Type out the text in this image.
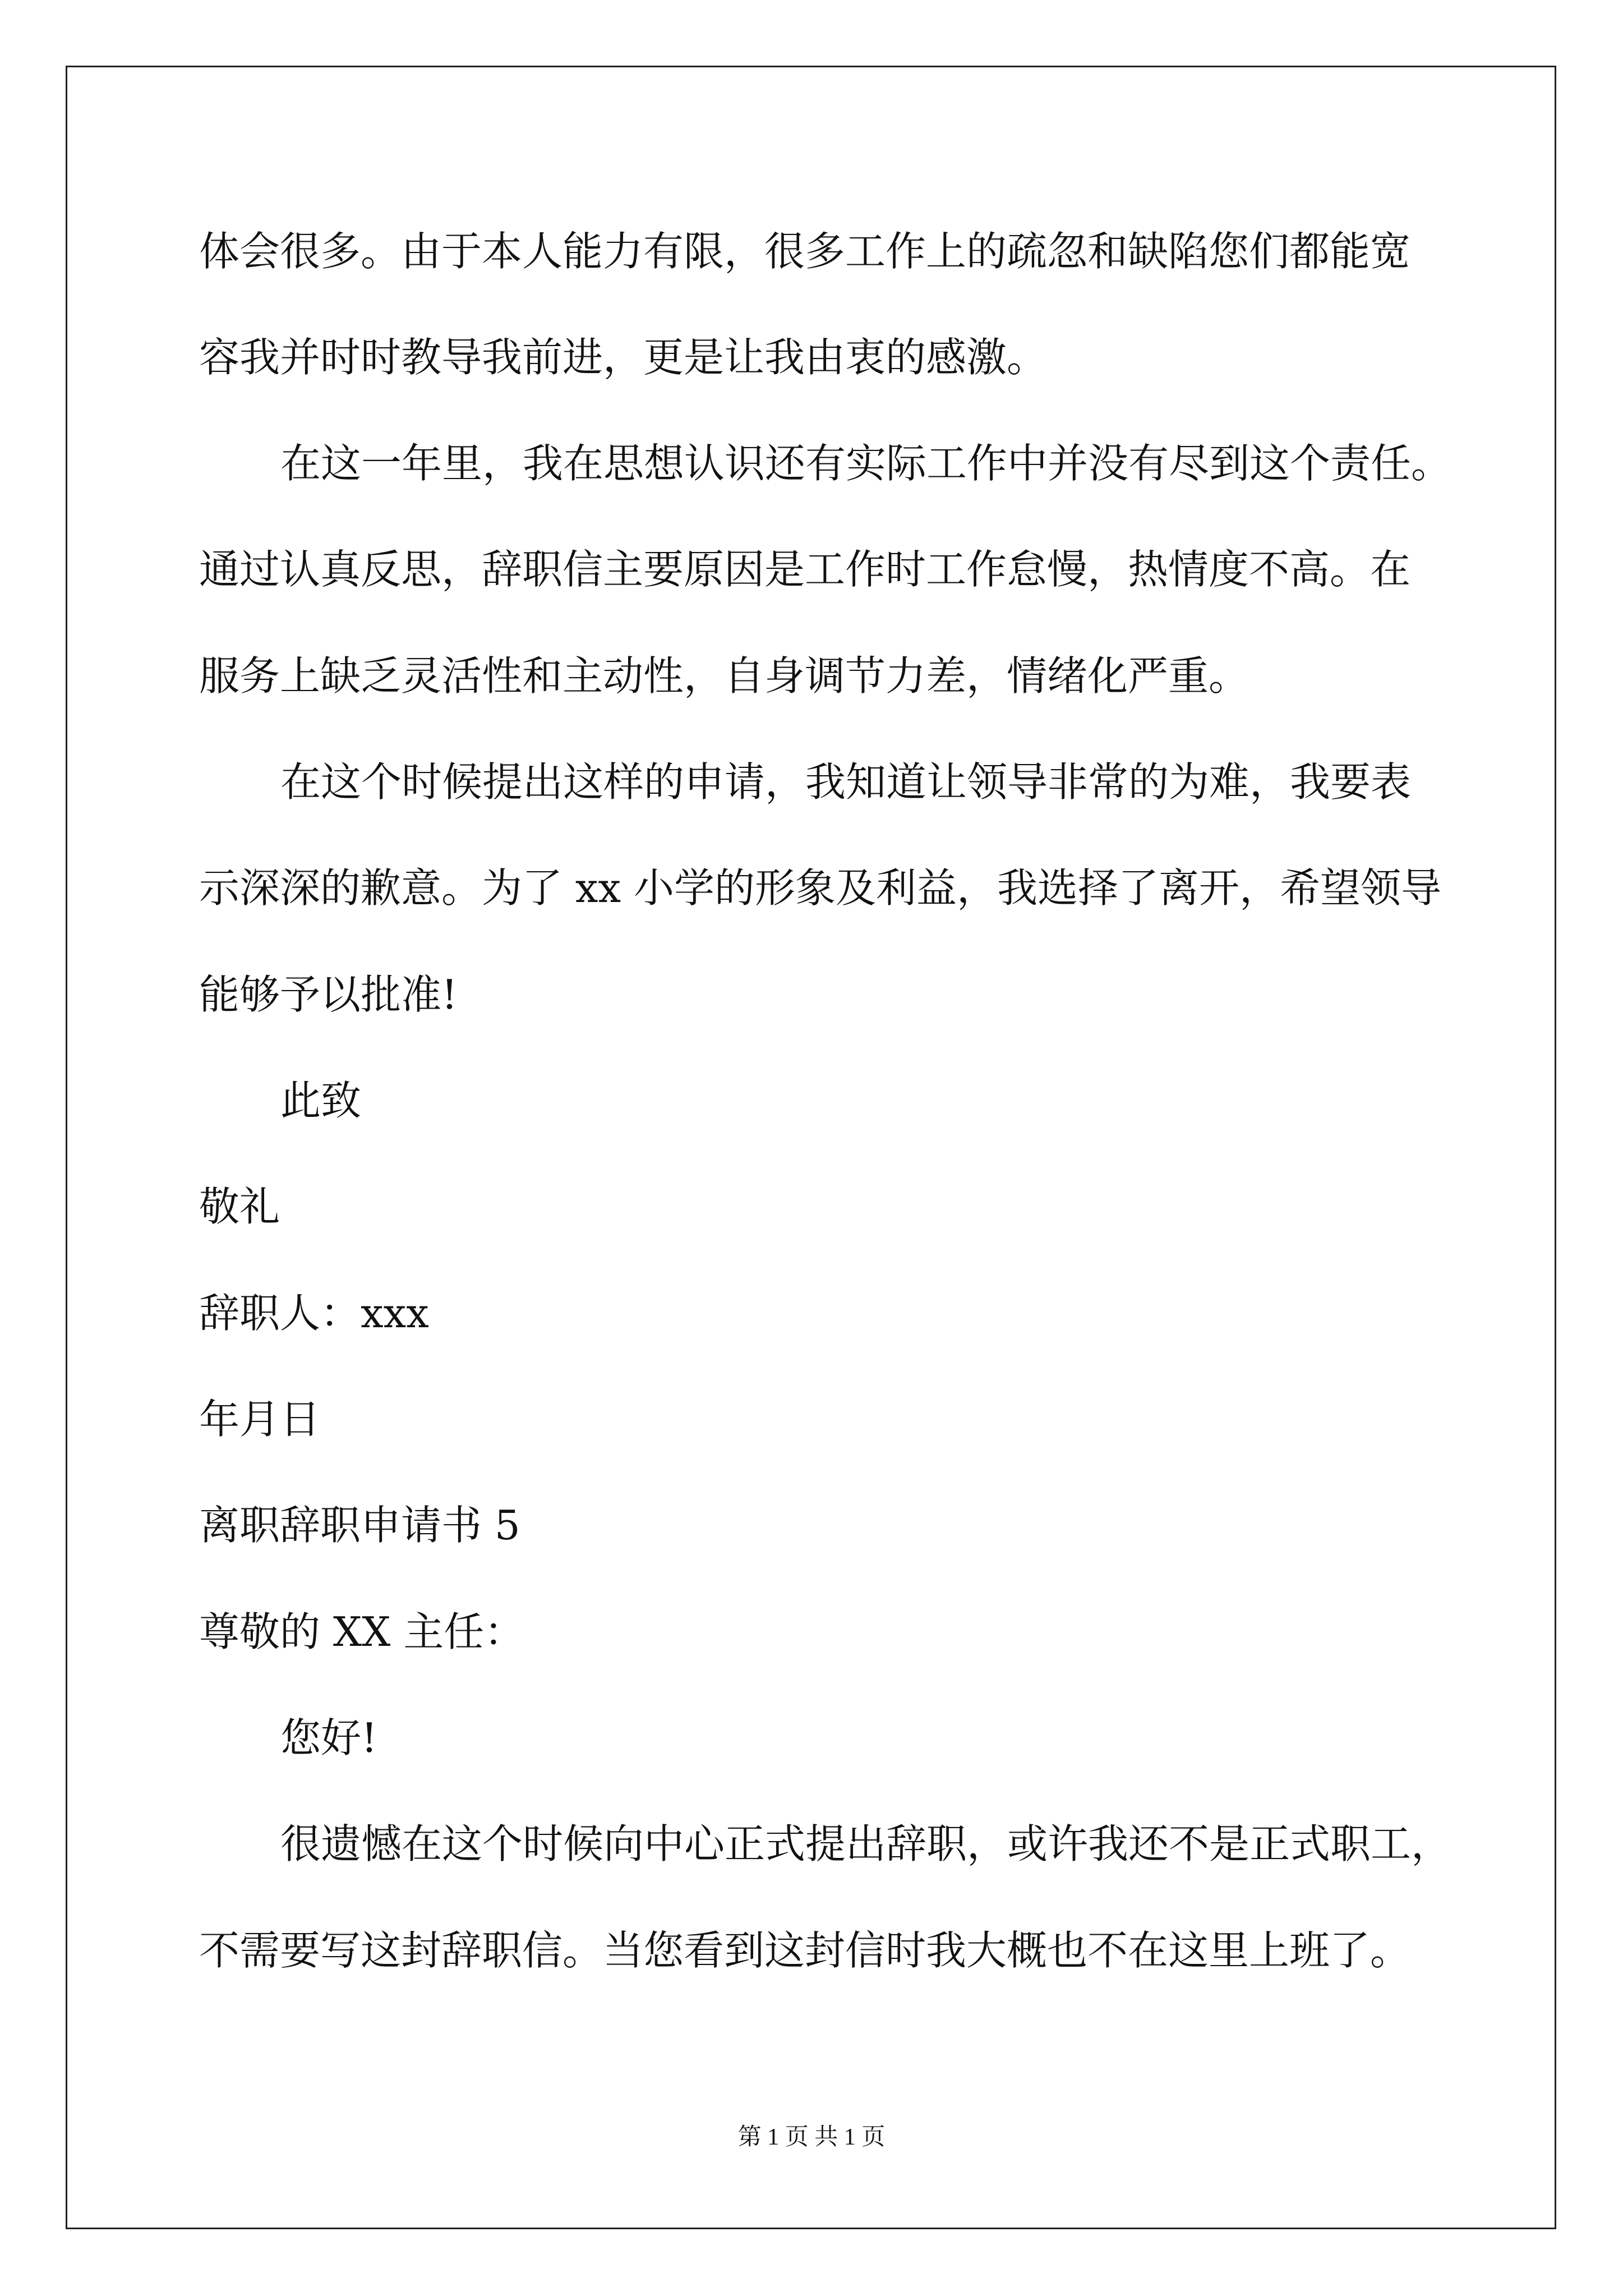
体会很多。由于本人能力有限，很多工作上的疏忽和缺陷您们都能宽
容我并时时教导我前进，更是让我由衷的感激。
在这一年里，我在思想认识还有实际工作中并没有尽到这个责任。
通过认真反思，辞职信主要原因是工作时工作怠慢，热情度不高。在
服务上缺乏灵活性和主动性，自身调节力差，情绪化严重。
在这个时候提出这样的申请，我知道让领导非常的为难，我要表
示深深的歉意。为了 xx 小学的形象及利益，我选择了离开，希望领导
能够予以批准!
此致
敬礼
辞职人：xxx
年月日
离职辞职申请书 5
尊敬的 XX 主任：
您好!
很遗憾在这个时候向中心正式提出辞职，或许我还不是正式职工，
不需要写这封辞职信。当您看到这封信时我大概也不在这里上班了。
第 1 页 共 1 页
